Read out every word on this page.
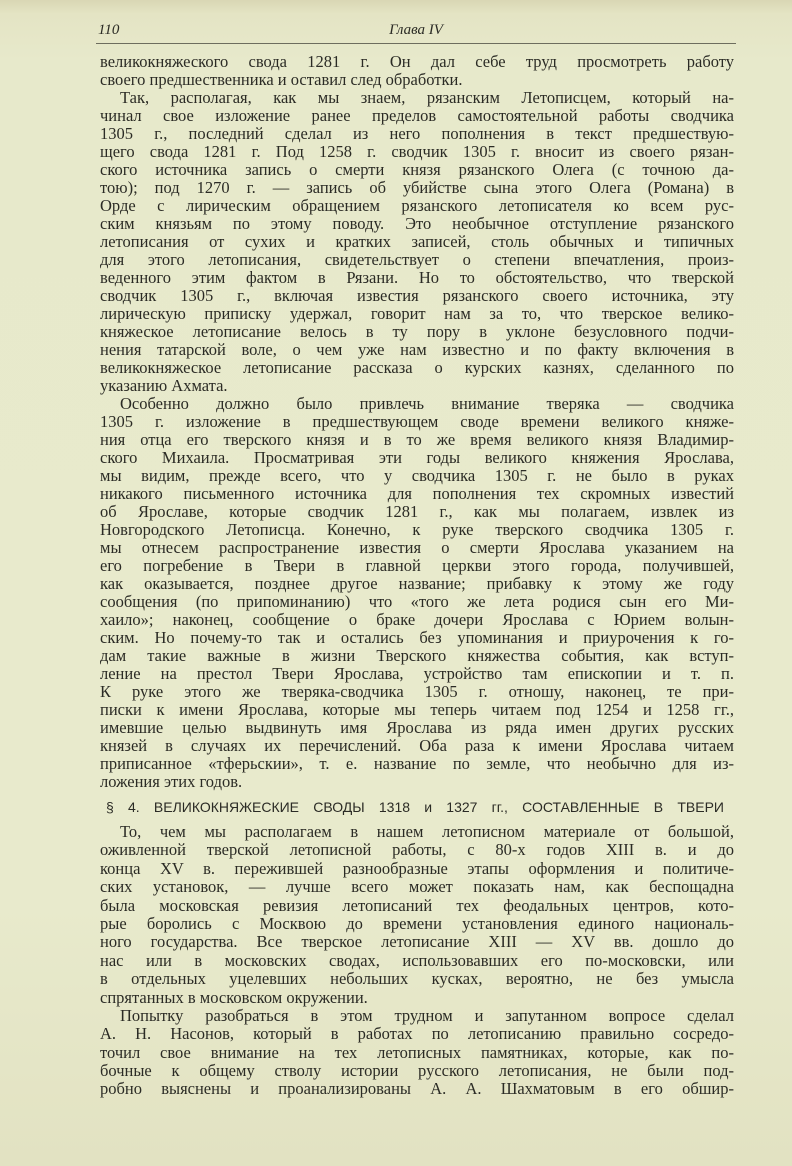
110	Глава IV
великокняжеского свода 1281 г. Он дал себе труд просмотреть работу
своего предшественника и оставил след обработки.
Так, располагая, как мы знаем, рязанским Летописцем, который на-
чинал свое изложение ранее пределов самостоятельной работы сводчика
1305 г., последний сделал из него пополнения в текст предшествую-
щего свода 1281 г. Под 1258 г. сводчик 1305 г. вносит из своего рязан-
ского источника запись о смерти князя рязанского Олега (с точною да-
тою); под 1270 г. — запись об убийстве сына этого Олега (Романа) в
Орде с лирическим обращением рязанского летописателя ко всем рус-
ским князьям по этому поводу. Это необычное отступление рязанского
летописания от сухих и кратких записей, столь обычных и типичных
для этого летописания, свидетельствует о степени впечатления, произ-
веденного этим фактом в Рязани. Но то обстоятельство, что тверской
сводчик 1305 г., включая известия рязанского своего источника, эту
лирическую приписку удержал, говорит нам за то, что тверское велико-
княжеское летописание велось в ту пору в уклоне безусловного подчи-
нения татарской воле, о чем уже нам известно и по факту включения в
великокняжеское летописание рассказа о курских казнях, сделанного по
указанию Ахмата.
Особенно должно было привлечь внимание тверяка — сводчика
1305 г. изложение в предшествующем своде времени великого княже-
ния отца его тверского князя и в то же время великого князя Владимир-
ского Михаила. Просматривая эти годы великого княжения Ярослава,
мы видим, прежде всего, что у сводчика 1305 г. не было в руках
никакого письменного источника для пополнения тех скромных известий
об Ярославе, которые сводчик 1281 г., как мы полагаем, извлек из
Новгородского Летописца. Конечно, к руке тверского сводчика 1305 г.
мы отнесем распространение известия о смерти Ярослава указанием на
его погребение в Твери в главной церкви этого города, получившей,
как оказывается, позднее другое название; прибавку к этому же году
сообщения (по припоминанию) что «того же лета родися сын его Ми-
хаило»; наконец, сообщение о браке дочери Ярослава с Юрием волын-
ским. Но почему-то так и остались без упоминания и приурочения к го-
дам такие важные в жизни Тверского княжества события, как вступ-
ление на престол Твери Ярослава, устройство там епископии и т. п.
К руке этого же тверяка-сводчика 1305 г. отношу, наконец, те при-
писки к имени Ярослава, которые мы теперь читаем под 1254 и 1258 гг.,
имевшие целью выдвинуть имя Ярослава из ряда имен других русских
князей в случаях их перечислений. Оба раза к имени Ярослава читаем
приписанное «тферьскии», т. е. название по земле, что необычно для из-
ложения этих годов.
§ 4. ВЕЛИКОКНЯЖЕСКИЕ СВОДЫ 1318 и 1327 гг., СОСТАВЛЕННЫЕ В ТВЕРИ
То, чем мы располагаем в нашем летописном материале от большой,
оживленной тверской летописной работы, с 80-х годов XIII в. и до
конца XV в. пережившей разнообразные этапы оформления и политиче-
ских установок, — лучше всего может показать нам, как беспощадна
была московская ревизия летописаний тех феодальных центров, кото-
рые боролись с Москвою до времени установления единого националь-
ного государства. Все тверское летописание XIII — XV вв. дошло до
нас или в московских сводах, использовавших его по-московски, или
в отдельных уцелевших небольших кусках, вероятно, не без умысла
спрятанных в московском окружении.
Попытку разобраться в этом трудном и запутанном вопросе сделал
А. Н. Насонов, который в работах по летописанию правильно сосредо-
точил свое внимание на тех летописных памятниках, которые, как по-
бочные к общему стволу истории русского летописания, не были под-
робно выяснены и проанализированы А. А. Шахматовым в его обшир-
